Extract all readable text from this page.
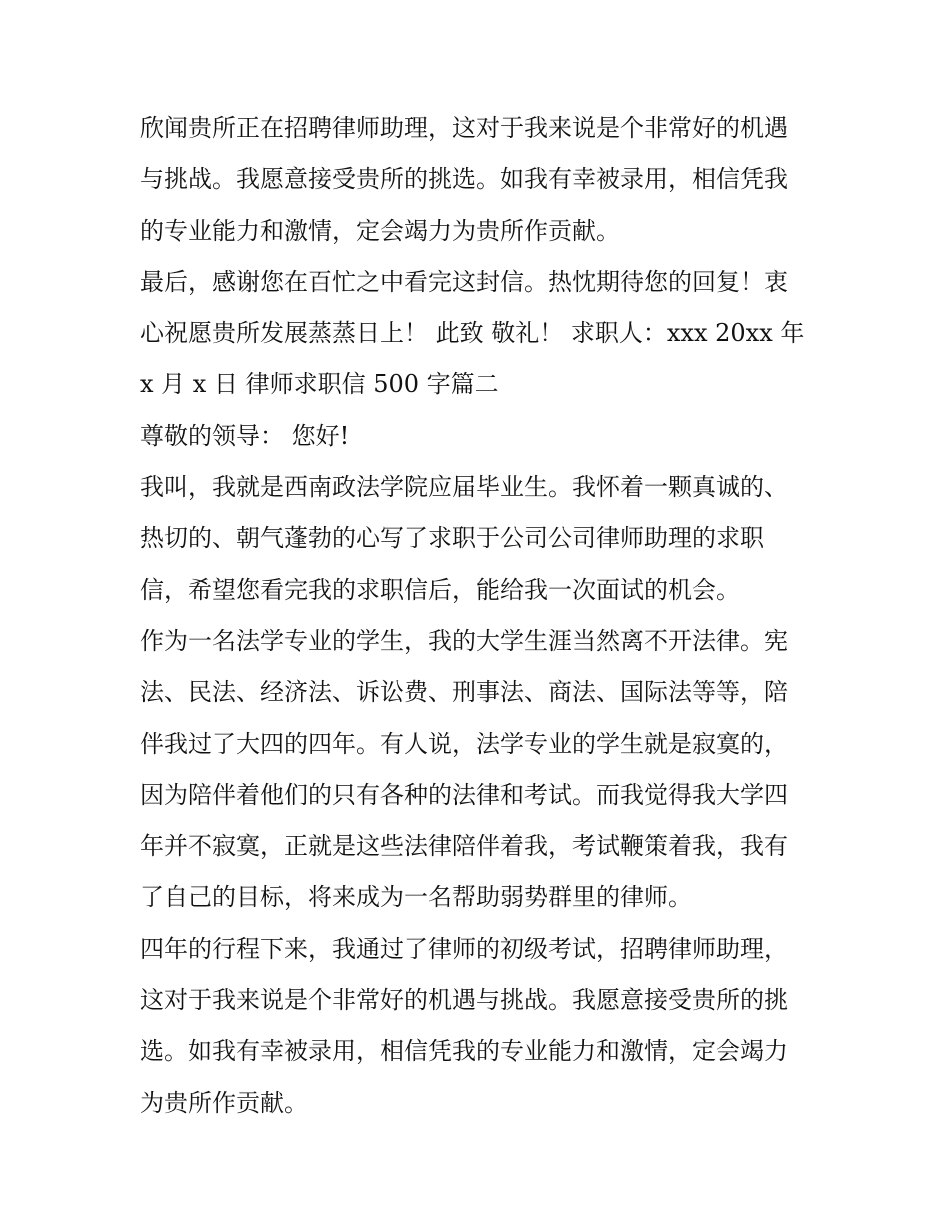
欣闻贵所正在招聘律师助理，这对于我来说是个非常好的机遇
与挑战。我愿意接受贵所的挑选。如我有幸被录用，相信凭我
的专业能力和激情，定会竭力为贵所作贡献。
最后，感谢您在百忙之中看完这封信。热忱期待您的回复！衷
心祝愿贵所发展蒸蒸日上！ 此致 敬礼！ 求职人：xxx 20xx 年
x 月 x 日 律师求职信 500 字篇二
尊敬的领导： 您好!
我叫，我就是西南政法学院应届毕业生。我怀着一颗真诚的、
热切的、朝气蓬勃的心写了求职于公司公司律师助理的求职
信，希望您看完我的求职信后，能给我一次面试的机会。
作为一名法学专业的学生，我的大学生涯当然离不开法律。宪
法、民法、经济法、诉讼费、刑事法、商法、国际法等等，陪
伴我过了大四的四年。有人说，法学专业的学生就是寂寞的，
因为陪伴着他们的只有各种的法律和考试。而我觉得我大学四
年并不寂寞，正就是这些法律陪伴着我，考试鞭策着我，我有
了自己的目标，将来成为一名帮助弱势群里的律师。
四年的行程下来，我通过了律师的初级考试，招聘律师助理，
这对于我来说是个非常好的机遇与挑战。我愿意接受贵所的挑
选。如我有幸被录用，相信凭我的专业能力和激情，定会竭力
为贵所作贡献。
